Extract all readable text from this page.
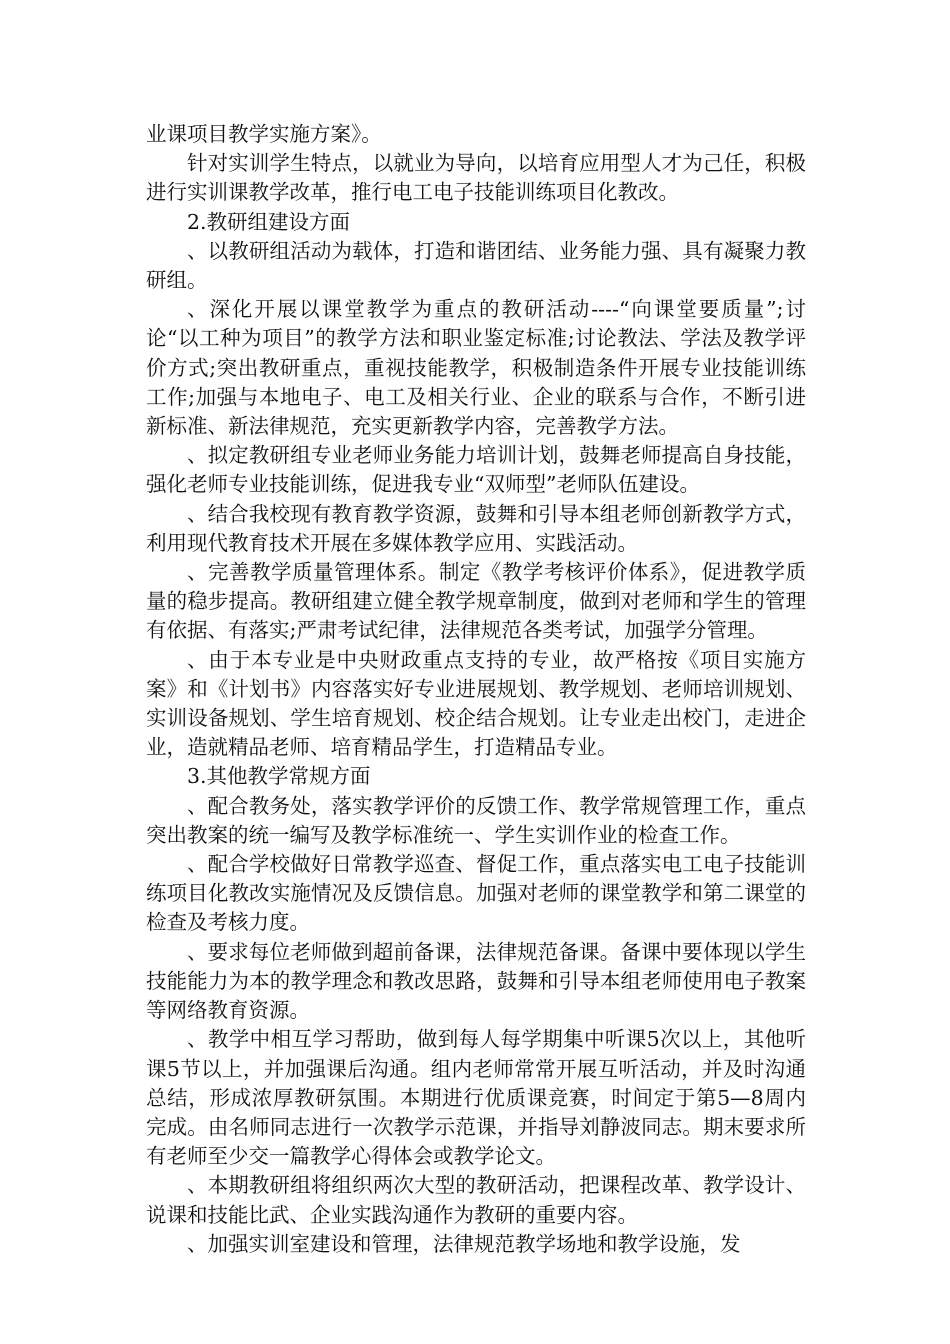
业课项目教学实施方案》。

针对实训学生特点，以就业为导向，以培育应用型人才为己任，积极进行实训课教学改革，推行电工电子技能训练项目化教改。

2.教研组建设方面

、以教研组活动为载体，打造和谐团结、业务能力强、具有凝聚力教研组。

、深化开展以课堂教学为重点的教研活动----“向课堂要质量”;讨论“以工种为项目”的教学方法和职业鉴定标准;讨论教法、学法及教学评价方式;突出教研重点，重视技能教学，积极制造条件开展专业技能训练工作;加强与本地电子、电工及相关行业、企业的联系与合作，不断引进新标准、新法律规范，充实更新教学内容，完善教学方法。

、拟定教研组专业老师业务能力培训计划，鼓舞老师提高自身技能，强化老师专业技能训练，促进我专业“双师型”老师队伍建设。

、结合我校现有教育教学资源，鼓舞和引导本组老师创新教学方式，利用现代教育技术开展在多媒体教学应用、实践活动。

、完善教学质量管理体系。制定《教学考核评价体系》，促进教学质量的稳步提高。教研组建立健全教学规章制度，做到对老师和学生的管理有依据、有落实;严肃考试纪律，法律规范各类考试，加强学分管理。

、由于本专业是中央财政重点支持的专业，故严格按《项目实施方案》和《计划书》内容落实好专业进展规划、教学规划、老师培训规划、实训设备规划、学生培育规划、校企结合规划。让专业走出校门，走进企业，造就精品老师、培育精品学生，打造精品专业。

3.其他教学常规方面

、配合教务处，落实教学评价的反馈工作、教学常规管理工作，重点突出教案的统一编写及教学标准统一、学生实训作业的检查工作。

、配合学校做好日常教学巡查、督促工作，重点落实电工电子技能训练项目化教改实施情况及反馈信息。加强对老师的课堂教学和第二课堂的检查及考核力度。

、要求每位老师做到超前备课，法律规范备课。备课中要体现以学生技能能力为本的教学理念和教改思路，鼓舞和引导本组老师使用电子教案等网络教育资源。

、教学中相互学习帮助，做到每人每学期集中听课5次以上，其他听课5节以上，并加强课后沟通。组内老师常常开展互听活动，并及时沟通总结，形成浓厚教研氛围。本期进行优质课竞赛，时间定于第5—8周内完成。由名师同志进行一次教学示范课，并指导刘静波同志。期末要求所有老师至少交一篇教学心得体会或教学论文。

、本期教研组将组织两次大型的教研活动，把课程改革、教学设计、说课和技能比武、企业实践沟通作为教研的重要内容。

、加强实训室建设和管理，法律规范教学场地和教学设施，发
